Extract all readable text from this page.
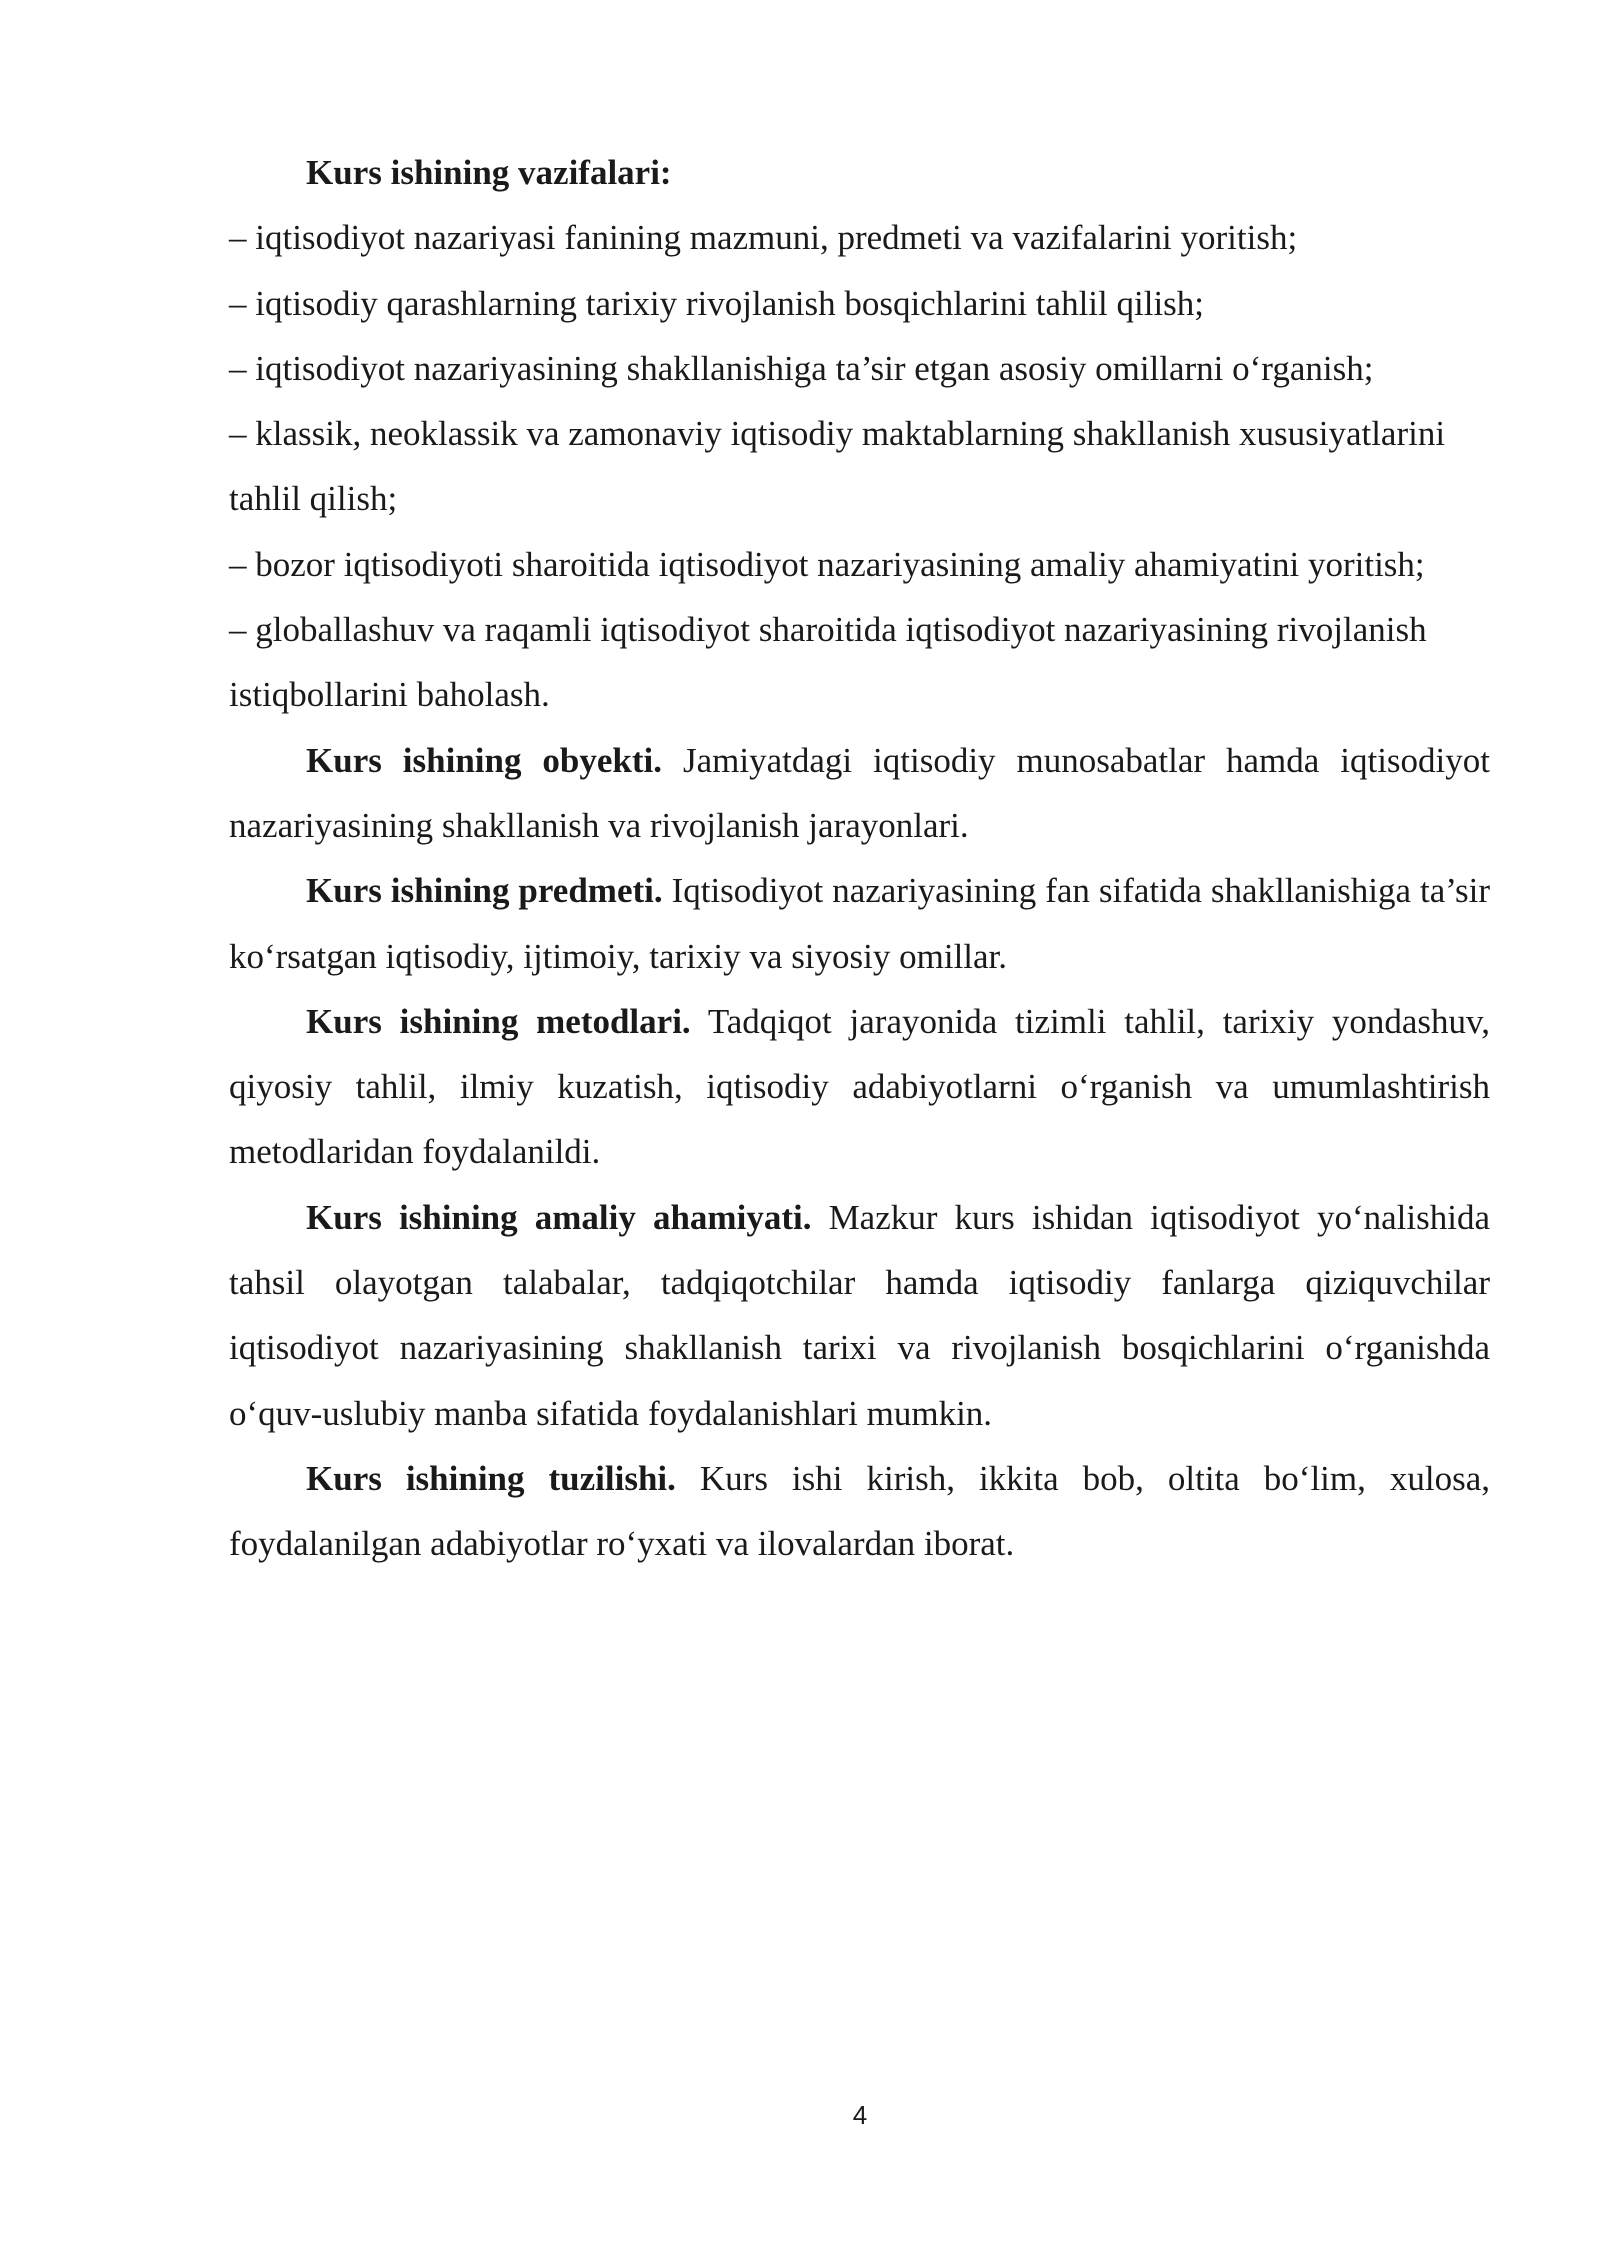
Kurs ishining vazifalari:

– iqtisodiyot nazariyasi fanining mazmuni, predmeti va vazifalarini yoritish;
– iqtisodiy qarashlarning tarixiy rivojlanish bosqichlarini tahlil qilish;
– iqtisodiyot nazariyasining shakllanishiga ta’sir etgan asosiy omillarni o‘rganish;
– klassik, neoklassik va zamonaviy iqtisodiy maktablarning shakllanish xususiyatlarini tahlil qilish;
– bozor iqtisodiyoti sharoitida iqtisodiyot nazariyasining amaliy ahamiyatini yoritish;
– globallashuv va raqamli iqtisodiyot sharoitida iqtisodiyot nazariyasining rivojlanish istiqbollarini baholash.

Kurs ishining obyekti. Jamiyatdagi iqtisodiy munosabatlar hamda iqtisodiyot nazariyasining shakllanish va rivojlanish jarayonlari.

Kurs ishining predmeti. Iqtisodiyot nazariyasining fan sifatida shakllanishiga ta’sir ko‘rsatgan iqtisodiy, ijtimoiy, tarixiy va siyosiy omillar.

Kurs ishining metodlari. Tadqiqot jarayonida tizimli tahlil, tarixiy yondashuv, qiyosiy tahlil, ilmiy kuzatish, iqtisodiy adabiyotlarni o‘rganish va umumlashtirish metodlaridan foydalanildi.

Kurs ishining amaliy ahamiyati. Mazkur kurs ishidan iqtisodiyot yo‘nalishida tahsil olayotgan talabalar, tadqiqotchilar hamda iqtisodiy fanlarga qiziquvchilar iqtisodiyot nazariyasining shakllanish tarixi va rivojlanish bosqichlarini o‘rganishda o‘quv-uslubiy manba sifatida foydalanishlari mumkin.

Kurs ishining tuzilishi. Kurs ishi kirish, ikkita bob, oltita bo‘lim, xulosa, foydalanilgan adabiyotlar ro‘yxati va ilovalardan iborat.

4
